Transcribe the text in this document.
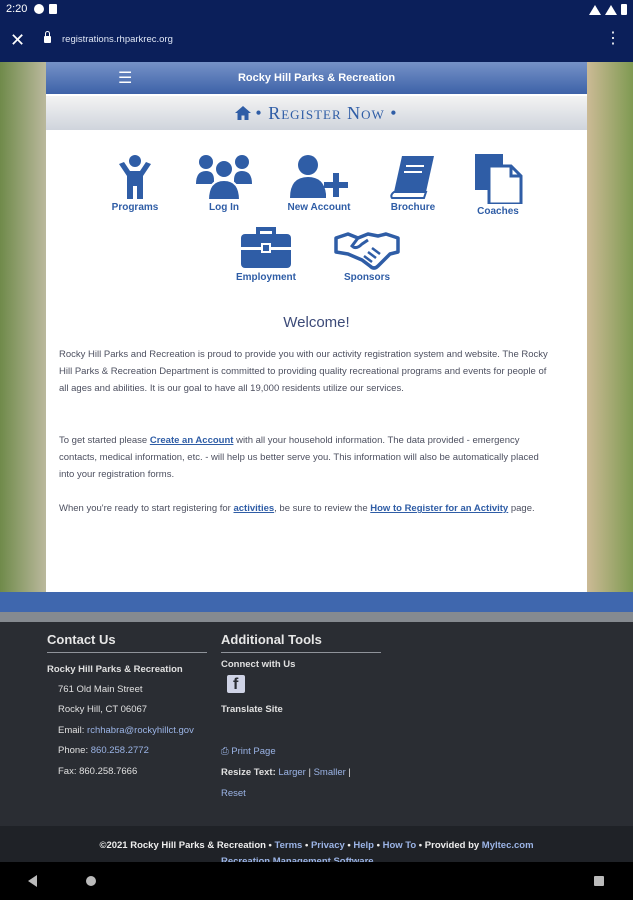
2:20
✕	registrations.rhparkrec.org	⋮
☰	Rocky Hill Parks & Recreation
• Register Now •
Programs	Log In	New Account	Brochure	Coaches
Employment	Sponsors
Welcome!
Rocky Hill Parks and Recreation is proud to provide you with our activity registration system and website. The Rocky Hill Parks & Recreation Department is committed to providing quality recreational programs and events for people of all ages and abilities. It is our goal to have all 19,000 residents utilize our services.
To get started please Create an Account with all your household information. The data provided - emergency contacts, medical information, etc. - will help us better serve you. This information will also be automatically placed into your registration forms.
When you're ready to start registering for activities, be sure to review the How to Register for an Activity page.
Contact Us
Rocky Hill Parks & Recreation
761 Old Main Street
Rocky Hill, CT 06067
Email: rchhabra@rockyhillct.gov
Phone: 860.258.2772
Fax: 860.258.7666
Additional Tools
Connect with Us
f
Translate Site
⎙ Print Page
Resize Text: Larger | Smaller |
Reset
©2021 Rocky Hill Parks & Recreation • Terms • Privacy • Help • How To • Provided by Myltec.com
